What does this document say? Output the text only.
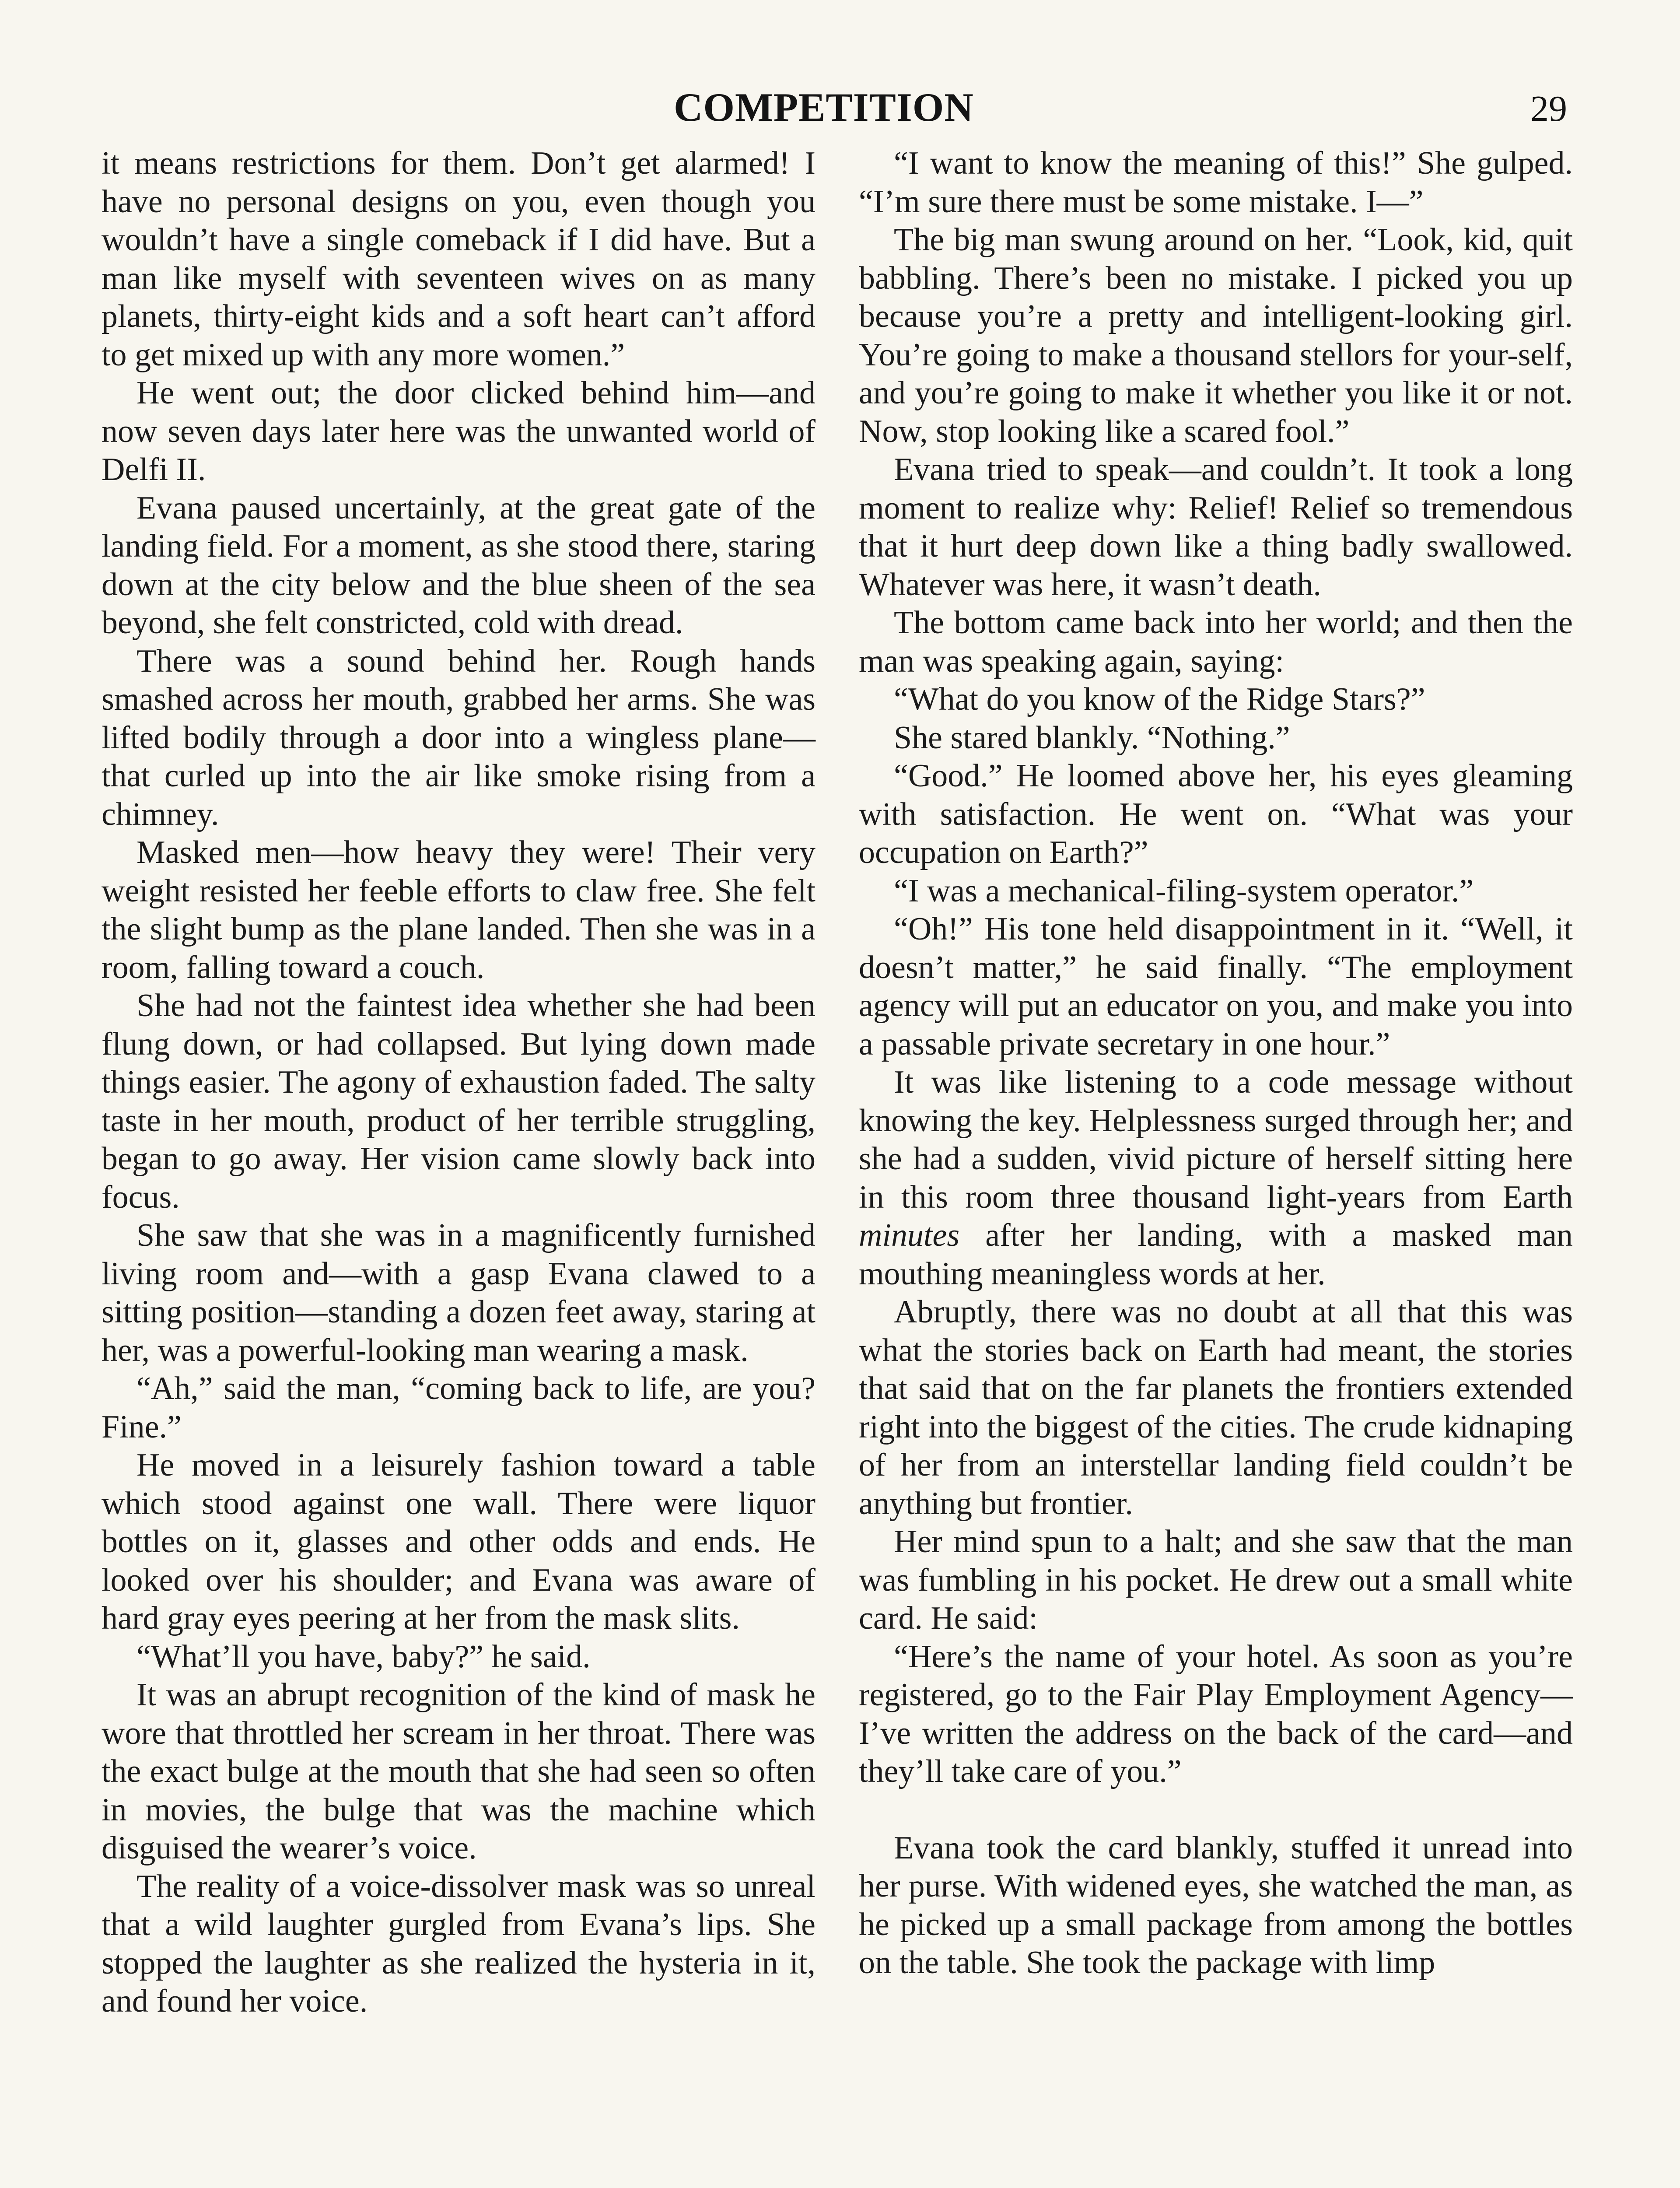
COMPETITION	29

it means restrictions for them. Don’t get alarmed! I have no personal designs on you, even though you wouldn’t have a single comeback if I did have. But a man like myself with seventeen wives on as many planets, thirty-eight kids and a soft heart can’t afford to get mixed up with any more women.”

He went out; the door clicked behind him—and now seven days later here was the unwanted world of Delfi II.

Evana paused uncertainly, at the great gate of the landing field. For a moment, as she stood there, staring down at the city below and the blue sheen of the sea beyond, she felt constricted, cold with dread.

There was a sound behind her. Rough hands smashed across her mouth, grabbed her arms. She was lifted bodily through a door into a wingless plane—that curled up into the air like smoke rising from a chimney.

Masked men—how heavy they were! Their very weight resisted her feeble efforts to claw free. She felt the slight bump as the plane landed. Then she was in a room, falling toward a couch.

She had not the faintest idea whether she had been flung down, or had collapsed. But lying down made things easier. The agony of exhaustion faded. The salty taste in her mouth, product of her terrible struggling, began to go away. Her vision came slowly back into focus.

She saw that she was in a magnificently furnished living room and—with a gasp Evana clawed to a sitting position—standing a dozen feet away, staring at her, was a powerful-looking man wearing a mask.

“Ah,” said the man, “coming back to life, are you? Fine.”

He moved in a leisurely fashion toward a table which stood against one wall. There were liquor bottles on it, glasses and other odds and ends. He looked over his shoulder; and Evana was aware of hard gray eyes peering at her from the mask slits.

“What’ll you have, baby?” he said.

It was an abrupt recognition of the kind of mask he wore that throttled her scream in her throat. There was the exact bulge at the mouth that she had seen so often in movies, the bulge that was the machine which disguised the wearer’s voice.

The reality of a voice-dissolver mask was so unreal that a wild laughter gurgled from Evana’s lips. She stopped the laughter as she realized the hysteria in it, and found her voice.

“I want to know the meaning of this!” She gulped. “I’m sure there must be some mistake. I—”

The big man swung around on her. “Look, kid, quit babbling. There’s been no mistake. I picked you up because you’re a pretty and intelligent-looking girl. You’re going to make a thousand stellors for your-self, and you’re going to make it whether you like it or not. Now, stop looking like a scared fool.”

Evana tried to speak—and couldn’t. It took a long moment to realize why: Relief! Relief so tremendous that it hurt deep down like a thing badly swallowed. Whatever was here, it wasn’t death.

The bottom came back into her world; and then the man was speaking again, saying:

“What do you know of the Ridge Stars?”

She stared blankly. “Nothing.”

“Good.” He loomed above her, his eyes gleaming with satisfaction. He went on. “What was your occupation on Earth?”

“I was a mechanical-filing-system operator.”

“Oh!” His tone held disappointment in it. “Well, it doesn’t matter,” he said finally. “The employment agency will put an educator on you, and make you into a passable private secretary in one hour.”

It was like listening to a code message without knowing the key. Helplessness surged through her; and she had a sudden, vivid picture of herself sitting here in this room three thousand light-years from Earth minutes after her landing, with a masked man mouthing meaningless words at her.

Abruptly, there was no doubt at all that this was what the stories back on Earth had meant, the stories that said that on the far planets the frontiers extended right into the biggest of the cities. The crude kidnaping of her from an interstellar landing field couldn’t be anything but frontier.

Her mind spun to a halt; and she saw that the man was fumbling in his pocket. He drew out a small white card. He said:

“Here’s the name of your hotel. As soon as you’re registered, go to the Fair Play Employment Agency—I’ve written the address on the back of the card—and they’ll take care of you.”

Evana took the card blankly, stuffed it unread into her purse. With widened eyes, she watched the man, as he picked up a small package from among the bottles on the table. She took the package with limp
